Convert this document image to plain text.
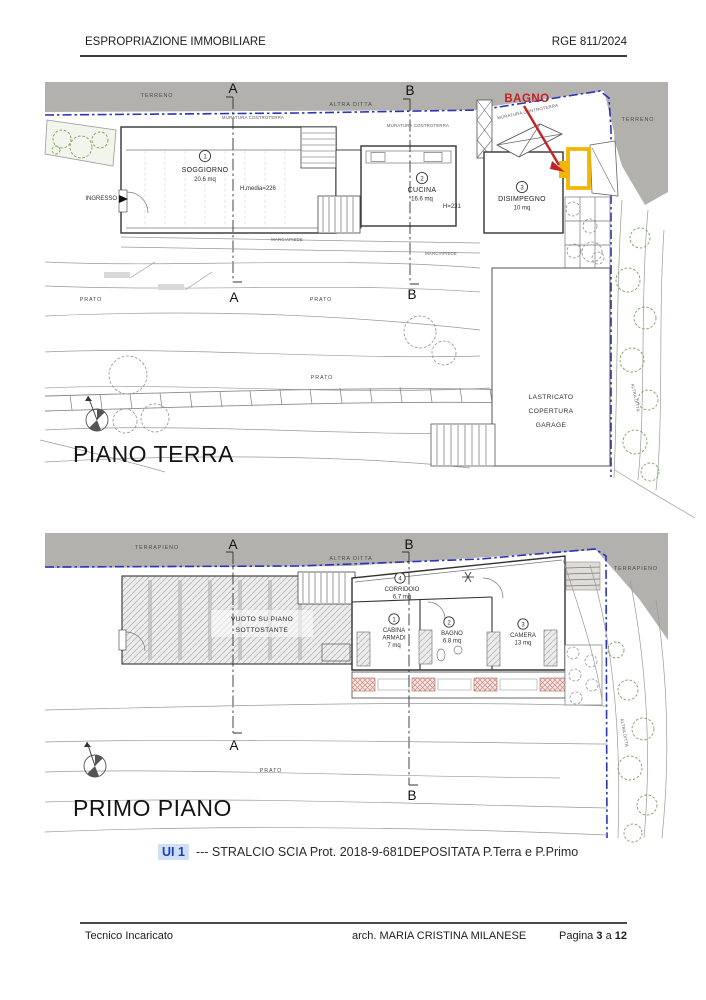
1
SOGGIORNO
20.6 mq
H.media=226
INGRESSO
2
CUCINA
16.6 mq
H=231
3
DISIMPEGNO
10 mq
MURATURA CONTROTERRA
MURATURA CONTROTERRA
MURATURA CONTROTERRA
BAGNO
A
A
B
B
TERRENO
ALTRA DITTA
TERRENO
MARCIAPIEDE
MARCIAPIEDE
PRATO	PRATO
PRATO
LASTRICATO
COPERTURA
GARAGE
ALTRA DITTA
PIANO TERRA
VUOTO SU PIANO
SOTTOSTANTE
4
CORRIDOIO
6.7 mq
1
CABINA
ARMADI
7 mq
2
BAGNO
6.8 mq
3
CAMERA
13 mq
A
A
B
B
TERRAPIENO
ALTRA DITTA
TERRAPIENO
PRATO
ALTRA DITTA
PRIMO PIANO
ESPROPRIAZIONE IMMOBILIARE	RGE 811/2024
UI 1 --- STRALCIO SCIA Prot. 2018-9-681DEPOSITATA P.Terra e P.Primo
Tecnico Incaricato	arch. MARIA CRISTINA MILANESE	Pagina 3 a 12
